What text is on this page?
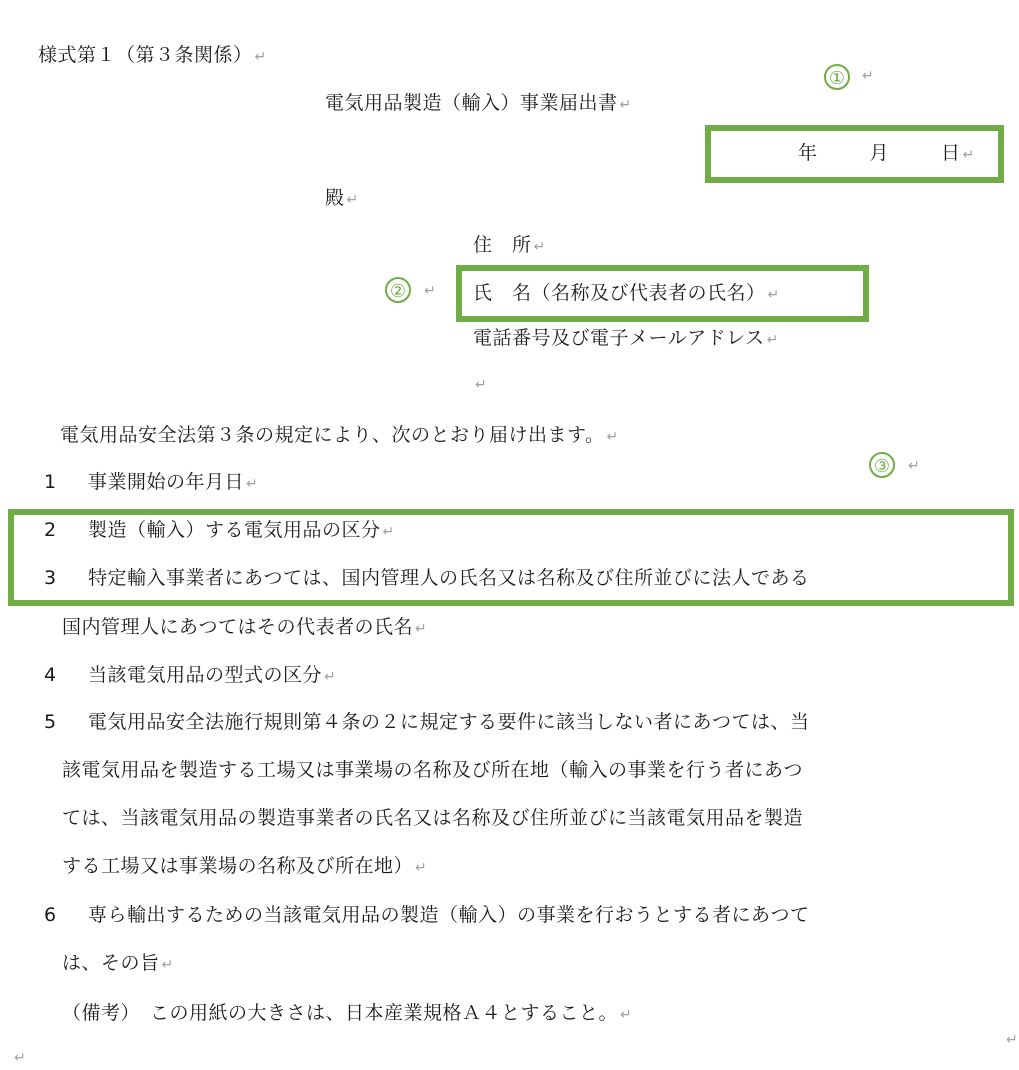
様式第１（第３条関係） ↵
①	↵
電気用品製造（輸入）事業届出書 ↵
年	月	日 ↵
殿 ↵
住　所 ↵
②	↵ 氏　名（名称及び代表者の氏名） ↵
電話番号及び電子メールアドレス ↵
↵
電気用品安全法第３条の規定により、次のとおり届け出ます。 ↵
③	↵
1 事業開始の年月日 ↵
2 製造（輸入）する電気用品の区分 ↵
3 特定輸入事業者にあつては、国内管理人の氏名又は名称及び住所並びに法人である
国内管理人にあつてはその代表者の氏名 ↵
4 当該電気用品の型式の区分 ↵
5 電気用品安全法施行規則第４条の２に規定する要件に該当しない者にあつては、当
該電気用品を製造する工場又は事業場の名称及び所在地（輸入の事業を行う者にあつ
ては、当該電気用品の製造事業者の氏名又は名称及び住所並びに当該電気用品を製造
する工場又は事業場の名称及び所在地） ↵
6 専ら輸出するための当該電気用品の製造（輸入）の事業を行おうとする者にあつて
は、その旨 ↵
（備考）　この用紙の大きさは、日本産業規格Ａ４とすること。 ↵
↵
↵
